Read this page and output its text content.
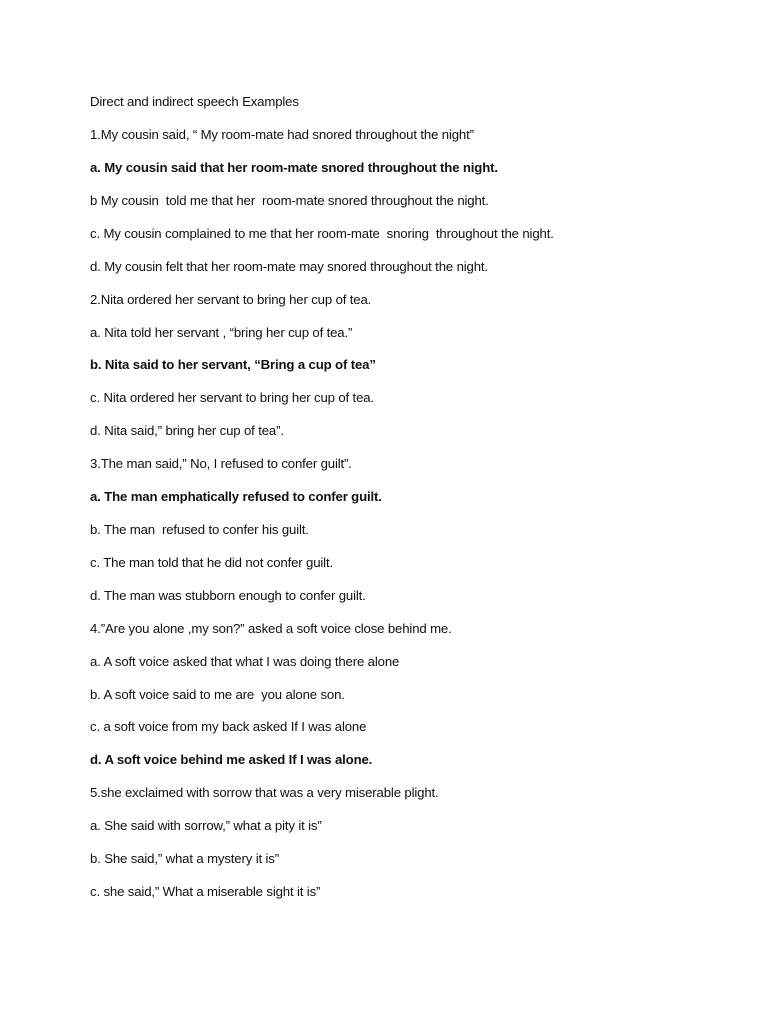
Direct and indirect speech Examples
1.My cousin said, “ My room-mate had snored throughout the night”
a. My cousin said that her room-mate snored throughout the night.
b My cousin  told me that her  room-mate snored throughout the night.
c. My cousin complained to me that her room-mate  snoring  throughout the night.
d. My cousin felt that her room-mate may snored throughout the night.
2.Nita ordered her servant to bring her cup of tea.
a. Nita told her servant , “bring her cup of tea.”
b. Nita said to her servant, “Bring a cup of tea”
c. Nita ordered her servant to bring her cup of tea.
d. Nita said,” bring her cup of tea”.
3.The man said,” No, I refused to confer guilt”.
a. The man emphatically refused to confer guilt.
b. The man  refused to confer his guilt.
c. The man told that he did not confer guilt.
d. The man was stubborn enough to confer guilt.
4.”Are you alone ,my son?” asked a soft voice close behind me.
a. A soft voice asked that what I was doing there alone
b. A soft voice said to me are  you alone son.
c. a soft voice from my back asked If I was alone
d. A soft voice behind me asked If I was alone.
5.she exclaimed with sorrow that was a very miserable plight.
a. She said with sorrow,” what a pity it is”
b. She said,” what a mystery it is”
c. she said,” What a miserable sight it is”
